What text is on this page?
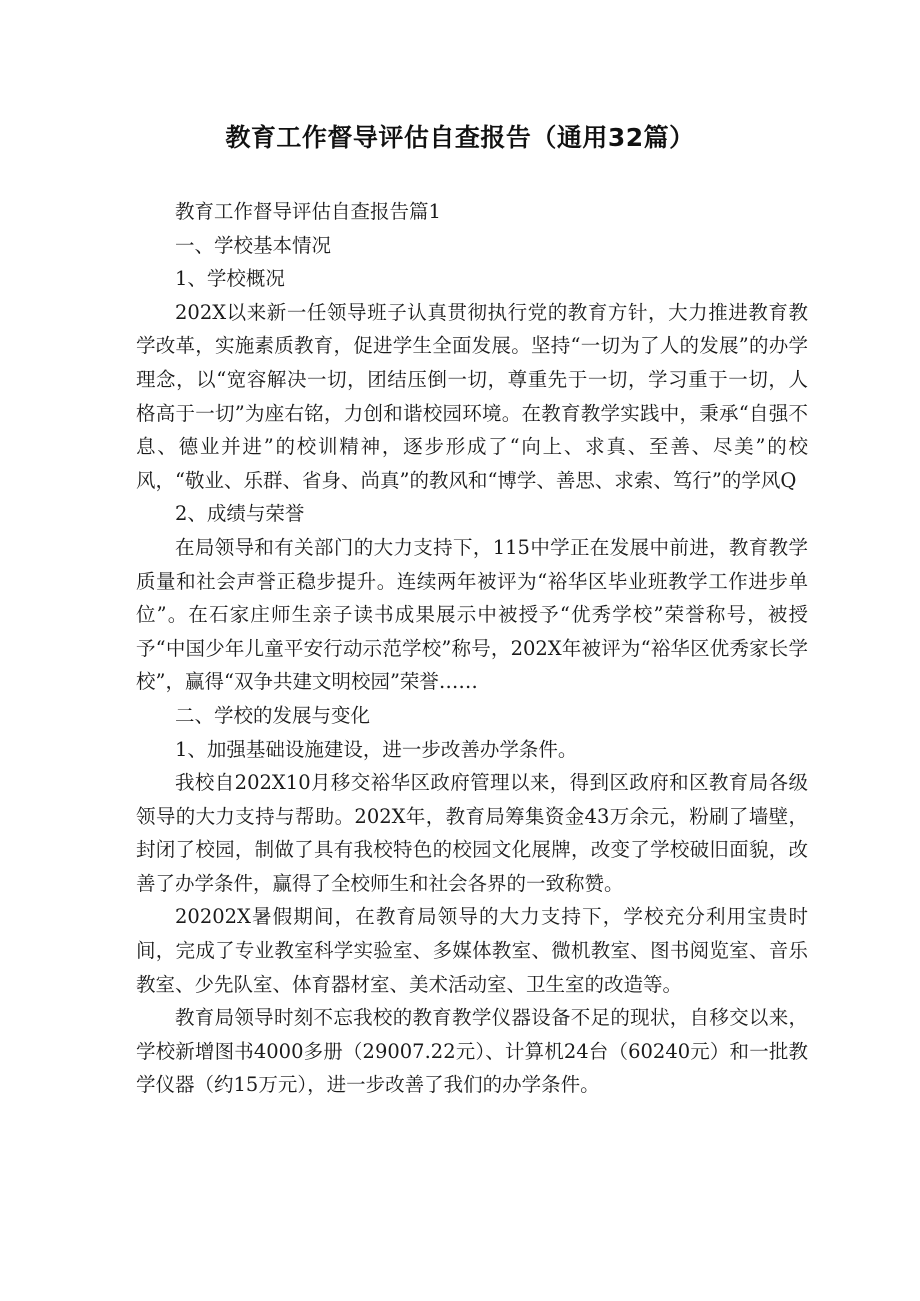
教育工作督导评估自查报告（通用32篇）

教育工作督导评估自查报告篇1

一、学校基本情况

1、学校概况

202X以来新一任领导班子认真贯彻执行党的教育方针，大力推进教育教学改革，实施素质教育，促进学生全面发展。坚持“一切为了人的发展”的办学理念，以“宽容解决一切，团结压倒一切，尊重先于一切，学习重于一切，人格高于一切”为座右铭，力创和谐校园环境。在教育教学实践中，秉承“自强不息、德业并进”的校训精神，逐步形成了“向上、求真、至善、尽美”的校风，“敬业、乐群、省身、尚真”的教风和“博学、善思、求索、笃行”的学风Q

2、成绩与荣誉

在局领导和有关部门的大力支持下，115中学正在发展中前进，教育教学质量和社会声誉正稳步提升。连续两年被评为“裕华区毕业班教学工作进步单位”。在石家庄师生亲子读书成果展示中被授予“优秀学校”荣誉称号，被授予“中国少年儿童平安行动示范学校”称号，202X年被评为“裕华区优秀家长学校”，赢得“双争共建文明校园”荣誉……

二、学校的发展与变化

1、加强基础设施建设，进一步改善办学条件。

我校自202X10月移交裕华区政府管理以来，得到区政府和区教育局各级领导的大力支持与帮助。202X年，教育局筹集资金43万余元，粉刷了墙壁，封闭了校园，制做了具有我校特色的校园文化展牌，改变了学校破旧面貌，改善了办学条件，赢得了全校师生和社会各界的一致称赞。

20202X暑假期间，在教育局领导的大力支持下，学校充分利用宝贵时间，完成了专业教室科学实验室、多媒体教室、微机教室、图书阅览室、音乐教室、少先队室、体育器材室、美术活动室、卫生室的改造等。

教育局领导时刻不忘我校的教育教学仪器设备不足的现状，自移交以来，学校新增图书4000多册（29007.22元）、计算机24台（60240元）和一批教学仪器（约15万元），进一步改善了我们的办学条件。
